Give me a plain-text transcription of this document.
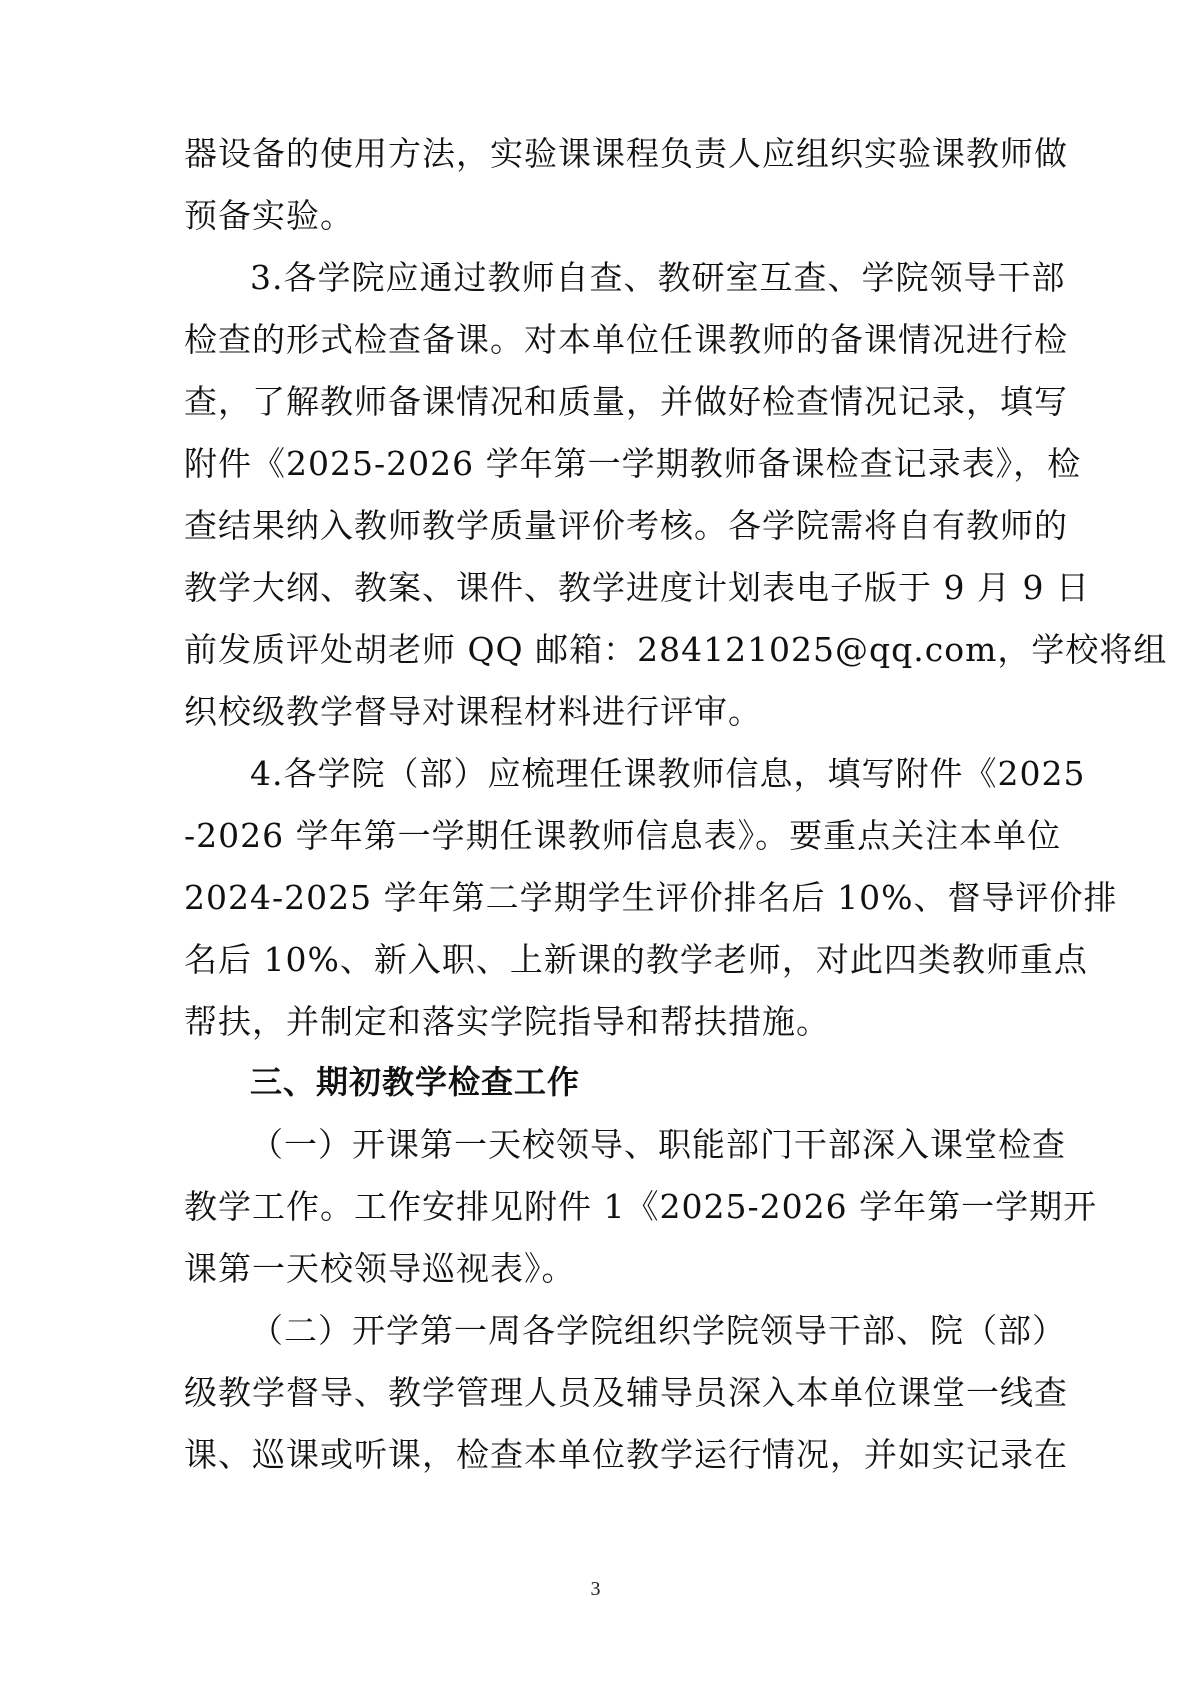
器设备的使用方法，实验课课程负责人应组织实验课教师做
预备实验。
3.各学院应通过教师自查、教研室互查、学院领导干部
检查的形式检查备课。对本单位任课教师的备课情况进行检
查，了解教师备课情况和质量，并做好检查情况记录，填写
附件《2025-2026 学年第一学期教师备课检查记录表》，检
查结果纳入教师教学质量评价考核。各学院需将自有教师的
教学大纲、教案、课件、教学进度计划表电子版于 9 月 9 日
前发质评处胡老师 QQ 邮箱：284121025@qq.com，学校将组
织校级教学督导对课程材料进行评审。
4.各学院（部）应梳理任课教师信息，填写附件《2025
-2026 学年第一学期任课教师信息表》。要重点关注本单位
2024-2025 学年第二学期学生评价排名后 10%、督导评价排
名后 10%、新入职、上新课的教学老师，对此四类教师重点
帮扶，并制定和落实学院指导和帮扶措施。
三、期初教学检查工作
（一）开课第一天校领导、职能部门干部深入课堂检查
教学工作。工作安排见附件 1《2025-2026 学年第一学期开
课第一天校领导巡视表》。
（二）开学第一周各学院组织学院领导干部、院（部）
级教学督导、教学管理人员及辅导员深入本单位课堂一线查
课、巡课或听课，检查本单位教学运行情况，并如实记录在
3
